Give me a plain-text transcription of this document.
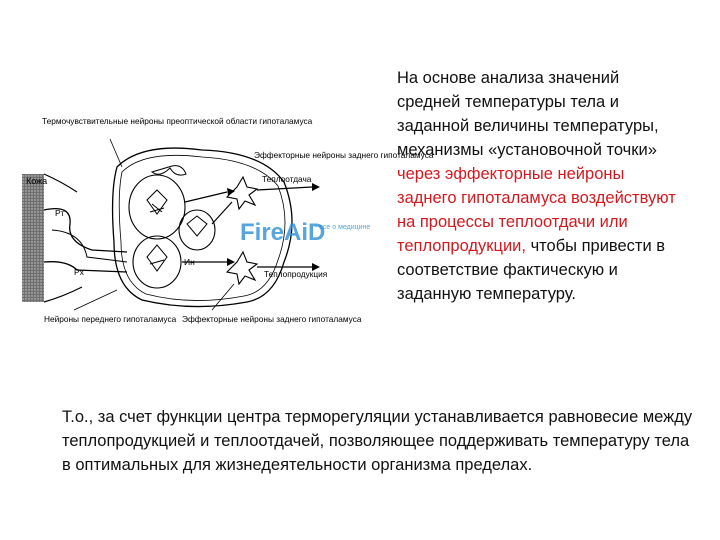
Термочувствительные нейроны преоптической области гипоталамуса
Кожа
Рт
Рх
Эффекторные нейроны заднего гипоталамуса
Теплоотдача
Теплопродукция
Ин
FireAiD
- все о медицине
Нейроны переднего гипоталамуса Эффекторные нейроны заднего гипоталамуса
На основе анализа значений средней температуры тела и заданной величины температуры, механизмы «установочной точки» через эффекторные нейроны заднего гипоталамуса воздействуют на процессы теплоотдачи или теплопродукции, чтобы привести в соответствие фактическую и заданную температуру.
Т.о., за счет функции центра терморегуляции устанавливается равновесие между теплопродукцией и теплоотдачей, позволяющее поддерживать температуру тела в оптимальных для жизнедеятельности организма пределах.
